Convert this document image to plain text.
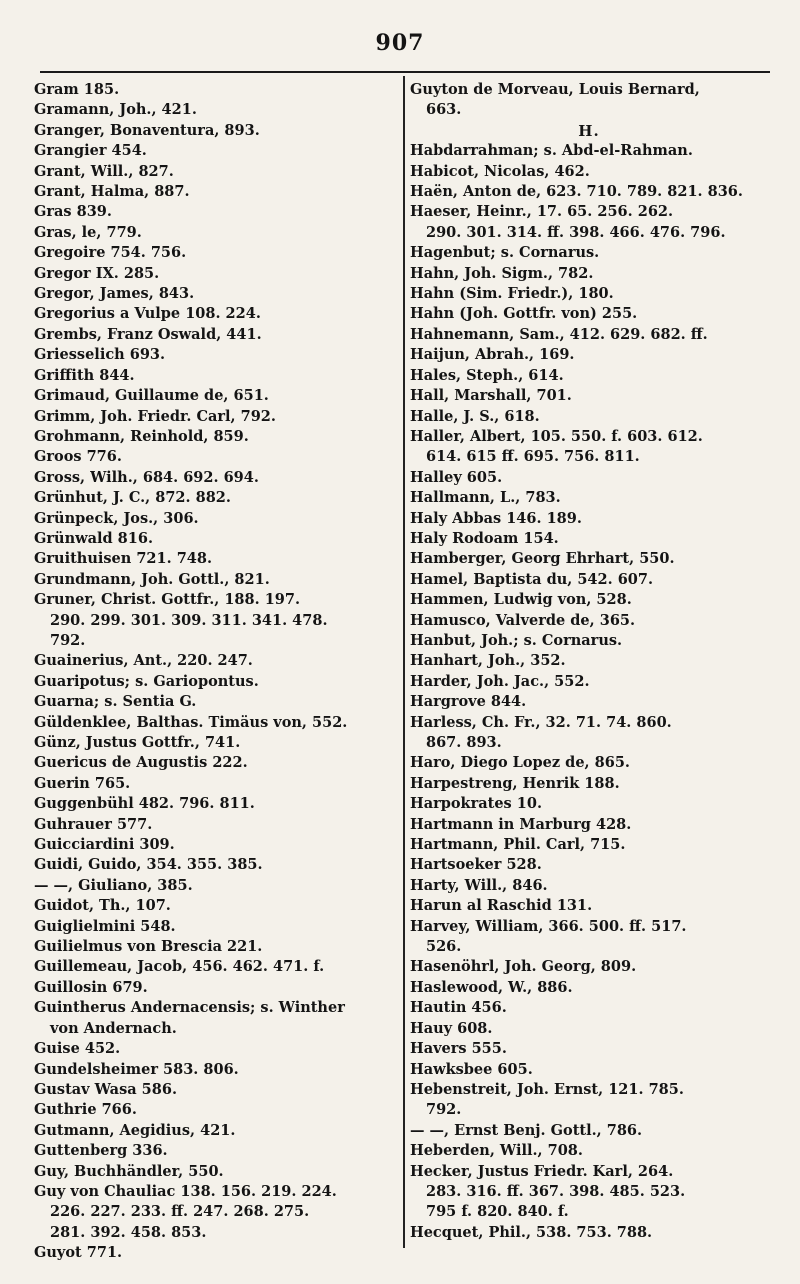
907
Gram 185.
Gramann, Joh., 421.
Granger, Bonaventura, 893.
Grangier 454.
Grant, Will., 827.
Grant, Halma, 887.
Gras 839.
Gras, le, 779.
Gregoire 754. 756.
Gregor IX. 285.
Gregor, James, 843.
Gregorius a Vulpe 108. 224.
Grembs, Franz Oswald, 441.
Griesselich 693.
Griffith 844.
Grimaud, Guillaume de, 651.
Grimm, Joh. Friedr. Carl, 792.
Grohmann, Reinhold, 859.
Groos 776.
Gross, Wilh., 684. 692. 694.
Grünhut, J. C., 872. 882.
Grünpeck, Jos., 306.
Grünwald 816.
Gruithuisen 721. 748.
Grundmann, Joh. Gottl., 821.
Gruner, Christ. Gottfr., 188. 197.
290. 299. 301. 309. 311. 341. 478.
792.
Guainerius, Ant., 220. 247.
Guaripotus; s. Gariopontus.
Guarna; s. Sentia G.
Güldenklee, Balthas. Timäus von, 552.
Günz, Justus Gottfr., 741.
Guericus de Augustis 222.
Guerin 765.
Guggenbühl 482. 796. 811.
Guhrauer 577.
Guicciardini 309.
Guidi, Guido, 354. 355. 385.
— —, Giuliano, 385.
Guidot, Th., 107.
Guiglielmini 548.
Guilielmus von Brescia 221.
Guillemeau, Jacob, 456. 462. 471. f.
Guillosin 679.
Guintherus Andernacensis; s. Winther
von Andernach.
Guise 452.
Gundelsheimer 583. 806.
Gustav Wasa 586.
Guthrie 766.
Gutmann, Aegidius, 421.
Guttenberg 336.
Guy, Buchhändler, 550.
Guy von Chauliac 138. 156. 219. 224.
226. 227. 233. ff. 247. 268. 275.
281. 392. 458. 853.
Guyot 771.
Guyton de Morveau, Louis Bernard,
663.
H.
Habdarrahman; s. Abd-el-Rahman.
Habicot, Nicolas, 462.
Haën, Anton de, 623. 710. 789. 821. 836.
Haeser, Heinr., 17. 65. 256. 262.
290. 301. 314. ff. 398. 466. 476. 796.
Hagenbut; s. Cornarus.
Hahn, Joh. Sigm., 782.
Hahn (Sim. Friedr.), 180.
Hahn (Joh. Gottfr. von) 255.
Hahnemann, Sam., 412. 629. 682. ff.
Haijun, Abrah., 169.
Hales, Steph., 614.
Hall, Marshall, 701.
Halle, J. S., 618.
Haller, Albert, 105. 550. f. 603. 612.
614. 615 ff. 695. 756. 811.
Halley 605.
Hallmann, L., 783.
Haly Abbas 146. 189.
Haly Rodoam 154.
Hamberger, Georg Ehrhart, 550.
Hamel, Baptista du, 542. 607.
Hammen, Ludwig von, 528.
Hamusco, Valverde de, 365.
Hanbut, Joh.; s. Cornarus.
Hanhart, Joh., 352.
Harder, Joh. Jac., 552.
Hargrove 844.
Harless, Ch. Fr., 32. 71. 74. 860.
867. 893.
Haro, Diego Lopez de, 865.
Harpestreng, Henrik 188.
Harpokrates 10.
Hartmann in Marburg 428.
Hartmann, Phil. Carl, 715.
Hartsoeker 528.
Harty, Will., 846.
Harun al Raschid 131.
Harvey, William, 366. 500. ff. 517.
526.
Hasenöhrl, Joh. Georg, 809.
Haslewood, W., 886.
Hautin 456.
Hauy 608.
Havers 555.
Hawksbee 605.
Hebenstreit, Joh. Ernst, 121. 785.
792.
— —, Ernst Benj. Gottl., 786.
Heberden, Will., 708.
Hecker, Justus Friedr. Karl, 264.
283. 316. ff. 367. 398. 485. 523.
795 f. 820. 840. f.
Hecquet, Phil., 538. 753. 788.
